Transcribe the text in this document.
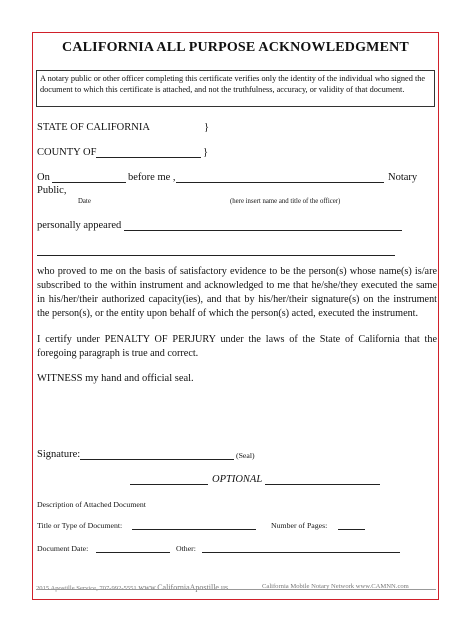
CALIFORNIA ALL PURPOSE ACKNOWLEDGMENT
A notary public or other officer completing this certificate verifies only the identity of the individual who signed the document to which this certificate is attached, and not the truthfulness, accuracy, or validity of that document.
STATE OF CALIFORNIA	}
COUNTY OF	}
On	before me ,	Notary
Public,
Date	(here insert name and title of the officer)
personally appeared
who proved to me on the basis of satisfactory evidence to be the person(s) whose name(s) is/are subscribed to the within instrument and acknowledged to me that he/she/they executed the same in his/her/their authorized capacity(ies), and that by his/her/their signature(s) on the instrument the person(s), or the entity upon behalf of which the person(s) acted, executed the instrument.
I certify under PENALTY OF PERJURY under the laws of the State of California that the foregoing paragraph is true and correct.
WITNESS my hand and official seal.
Signature:	(Seal)
OPTIONAL
Description of Attached Document
Title or Type of Document:	Number of Pages:
Document Date:	Other:
2015 Apostille Service, 707-992-5551 www.CaliforniaApostille.us	California Mobile Notary Network www.CAMNN.com
